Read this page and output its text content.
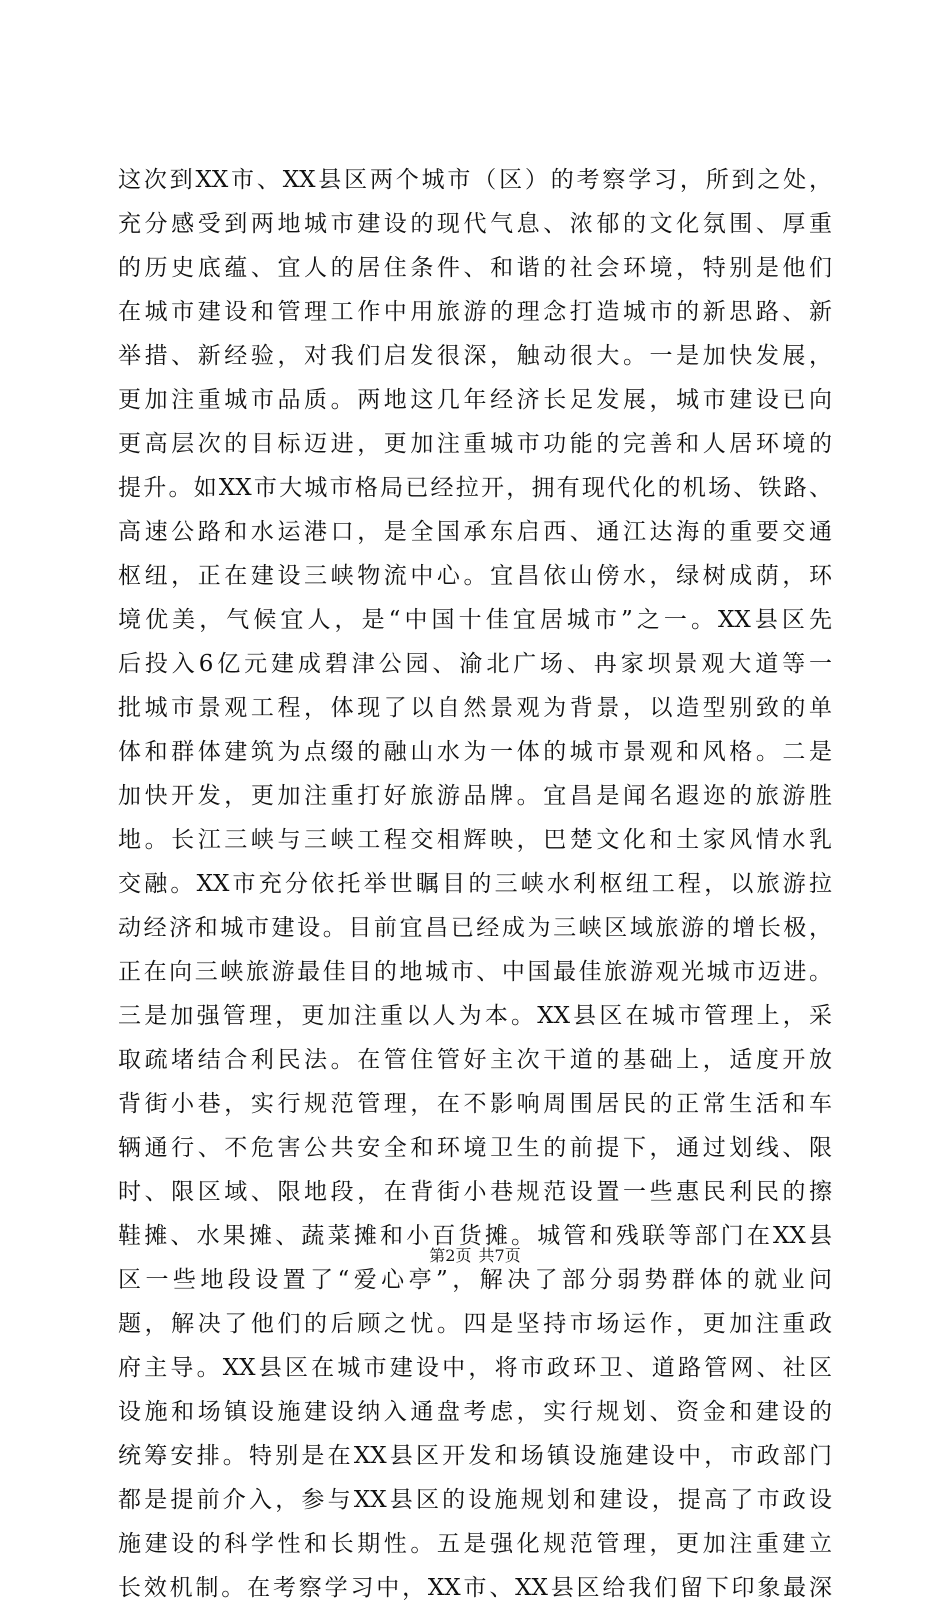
这次到XX市、XX县区两个城市（区）的考察学习，所到之处，
充分感受到两地城市建设的现代气息、浓郁的文化氛围、厚重
的历史底蕴、宜人的居住条件、和谐的社会环境，特别是他们
在城市建设和管理工作中用旅游的理念打造城市的新思路、新
举措、新经验，对我们启发很深，触动很大。一是加快发展，
更加注重城市品质。两地这几年经济长足发展，城市建设已向
更高层次的目标迈进，更加注重城市功能的完善和人居环境的
提升。如XX市大城市格局已经拉开，拥有现代化的机场、铁路、
高速公路和水运港口，是全国承东启西、通江达海的重要交通
枢纽，正在建设三峡物流中心。宜昌依山傍水，绿树成荫，环
境优美，气候宜人，是“中国十佳宜居城市”之一。XX县区先
后投入6亿元建成碧津公园、渝北广场、冉家坝景观大道等一
批城市景观工程，体现了以自然景观为背景，以造型别致的单
体和群体建筑为点缀的融山水为一体的城市景观和风格。二是
加快开发，更加注重打好旅游品牌。宜昌是闻名遐迩的旅游胜
地。长江三峡与三峡工程交相辉映，巴楚文化和土家风情水乳
交融。XX市充分依托举世瞩目的三峡水利枢纽工程，以旅游拉
动经济和城市建设。目前宜昌已经成为三峡区域旅游的增长极，
正在向三峡旅游最佳目的地城市、中国最佳旅游观光城市迈进。
三是加强管理，更加注重以人为本。XX县区在城市管理上，采
取疏堵结合利民法。在管住管好主次干道的基础上，适度开放
背街小巷，实行规范管理，在不影响周围居民的正常生活和车
辆通行、不危害公共安全和环境卫生的前提下，通过划线、限
时、限区域、限地段，在背街小巷规范设置一些惠民利民的擦
鞋摊、水果摊、蔬菜摊和小百货摊。城管和残联等部门在XX县
区一些地段设置了“爱心亭”，解决了部分弱势群体的就业问
题，解决了他们的后顾之忧。四是坚持市场运作，更加注重政
府主导。XX县区在城市建设中，将市政环卫、道路管网、社区
设施和场镇设施建设纳入通盘考虑，实行规划、资金和建设的
统筹安排。特别是在XX县区开发和场镇设施建设中，市政部门
都是提前介入，参与XX县区的设施规划和建设，提高了市政设
施建设的科学性和长期性。五是强化规范管理，更加注重建立
长效机制。在考察学习中，XX市、XX县区给我们留下印象最深
第2页 共7页
